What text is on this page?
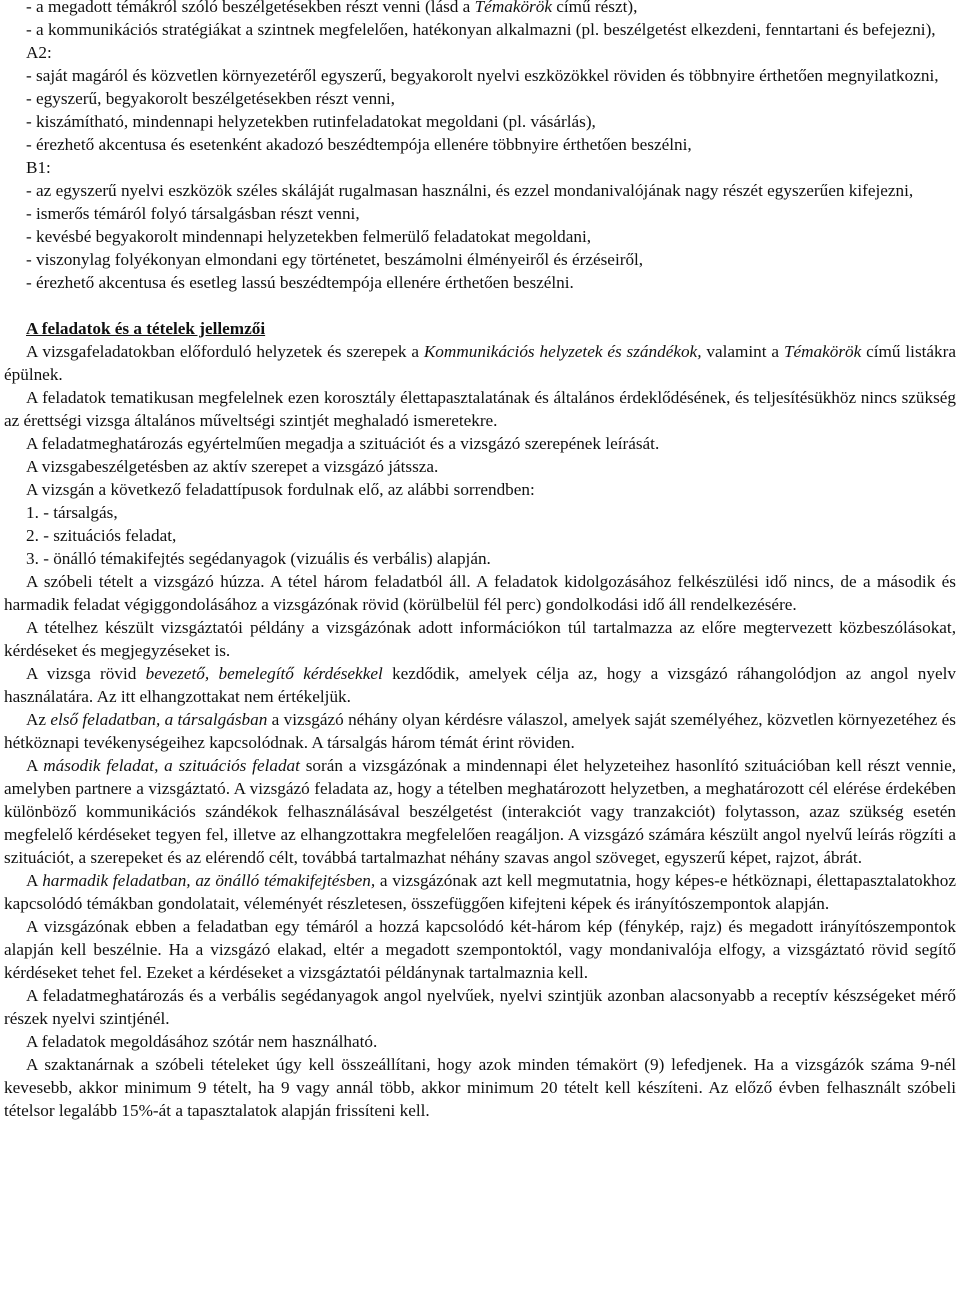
- a megadott témákról szóló beszélgetésekben részt venni (lásd a Témakörök című részt),

- a kommunikációs stratégiákat a szintnek megfelelően, hatékonyan alkalmazni (pl. beszélgetést elkezdeni, fenntartani és befejezni),

A2:

- saját magáról és közvetlen környezetéről egyszerű, begyakorolt nyelvi eszközökkel röviden és többnyire érthetően megnyilatkozni,

- egyszerű, begyakorolt beszélgetésekben részt venni,

- kiszámítható, mindennapi helyzetekben rutinfeladatokat megoldani (pl. vásárlás),

- érezhető akcentusa és esetenként akadozó beszédtempója ellenére többnyire érthetően beszélni,

B1:

- az egyszerű nyelvi eszközök széles skáláját rugalmasan használni, és ezzel mondanivalójának nagy részét egyszerűen kifejezni,

- ismerős témáról folyó társalgásban részt venni,

- kevésbé begyakorolt mindennapi helyzetekben felmerülő feladatokat megoldani,

- viszonylag folyékonyan elmondani egy történetet, beszámolni élményeiről és érzéseiről,

- érezhető akcentusa és esetleg lassú beszédtempója ellenére érthetően beszélni.

A feladatok és a tételek jellemzői

A vizsgafeladatokban előforduló helyzetek és szerepek a Kommunikációs helyzetek és szándékok, valamint a Témakörök című listákra épülnek.

A feladatok tematikusan megfelelnek ezen korosztály élettapasztalatának és általános érdeklődésének, és teljesítésükhöz nincs szükség az érettségi vizsga általános műveltségi szintjét meghaladó ismeretekre.

A feladatmeghatározás egyértelműen megadja a szituációt és a vizsgázó szerepének leírását.

A vizsgabeszélgetésben az aktív szerepet a vizsgázó játssza.

A vizsgán a következő feladattípusok fordulnak elő, az alábbi sorrendben:

1. - társalgás,

2. - szituációs feladat,

3. - önálló témakifejtés segédanyagok (vizuális és verbális) alapján.

A szóbeli tételt a vizsgázó húzza. A tétel három feladatból áll. A feladatok kidolgozásához felkészülési idő nincs, de a második és harmadik feladat végiggondolásához a vizsgázónak rövid (körülbelül fél perc) gondolkodási idő áll rendelkezésére.

A tételhez készült vizsgáztatói példány a vizsgázónak adott információkon túl tartalmazza az előre megtervezett közbeszólásokat, kérdéseket és megjegyzéseket is.

A vizsga rövid bevezető, bemelegítő kérdésekkel kezdődik, amelyek célja az, hogy a vizsgázó ráhangolódjon az angol nyelv használatára. Az itt elhangzottakat nem értékeljük.

Az első feladatban, a társalgásban a vizsgázó néhány olyan kérdésre válaszol, amelyek saját személyéhez, közvetlen környezetéhez és hétköznapi tevékenységeihez kapcsolódnak. A társalgás három témát érint röviden.

A második feladat, a szituációs feladat során a vizsgázónak a mindennapi élet helyzeteihez hasonlító szituációban kell részt vennie, amelyben partnere a vizsgáztató. A vizsgázó feladata az, hogy a tételben meghatározott helyzetben, a meghatározott cél elérése érdekében különböző kommunikációs szándékok felhasználásával beszélgetést (interakciót vagy tranzakciót) folytasson, azaz szükség esetén megfelelő kérdéseket tegyen fel, illetve az elhangzottakra megfelelően reagáljon. A vizsgázó számára készült angol nyelvű leírás rögzíti a szituációt, a szerepeket és az elérendő célt, továbbá tartalmazhat néhány szavas angol szöveget, egyszerű képet, rajzot, ábrát.

A harmadik feladatban, az önálló témakifejtésben, a vizsgázónak azt kell megmutatnia, hogy képes-e hétköznapi, élettapasztalatokhoz kapcsolódó témákban gondolatait, véleményét részletesen, összefüggően kifejteni képek és irányítószempontok alapján.

A vizsgázónak ebben a feladatban egy témáról a hozzá kapcsolódó két-három kép (fénykép, rajz) és megadott irányítószempontok alapján kell beszélnie. Ha a vizsgázó elakad, eltér a megadott szempontoktól, vagy mondanivalója elfogy, a vizsgáztató rövid segítő kérdéseket tehet fel. Ezeket a kérdéseket a vizsgáztatói példánynak tartalmaznia kell.

A feladatmeghatározás és a verbális segédanyagok angol nyelvűek, nyelvi szintjük azonban alacsonyabb a receptív készségeket mérő részek nyelvi szintjénél.

A feladatok megoldásához szótár nem használható.

A szaktanárnak a szóbeli tételeket úgy kell összeállítani, hogy azok minden témakört (9) lefedjenek. Ha a vizsgázók száma 9-nél kevesebb, akkor minimum 9 tételt, ha 9 vagy annál több, akkor minimum 20 tételt kell készíteni. Az előző évben felhasznált szóbeli tételsor legalább 15%-át a tapasztalatok alapján frissíteni kell.
